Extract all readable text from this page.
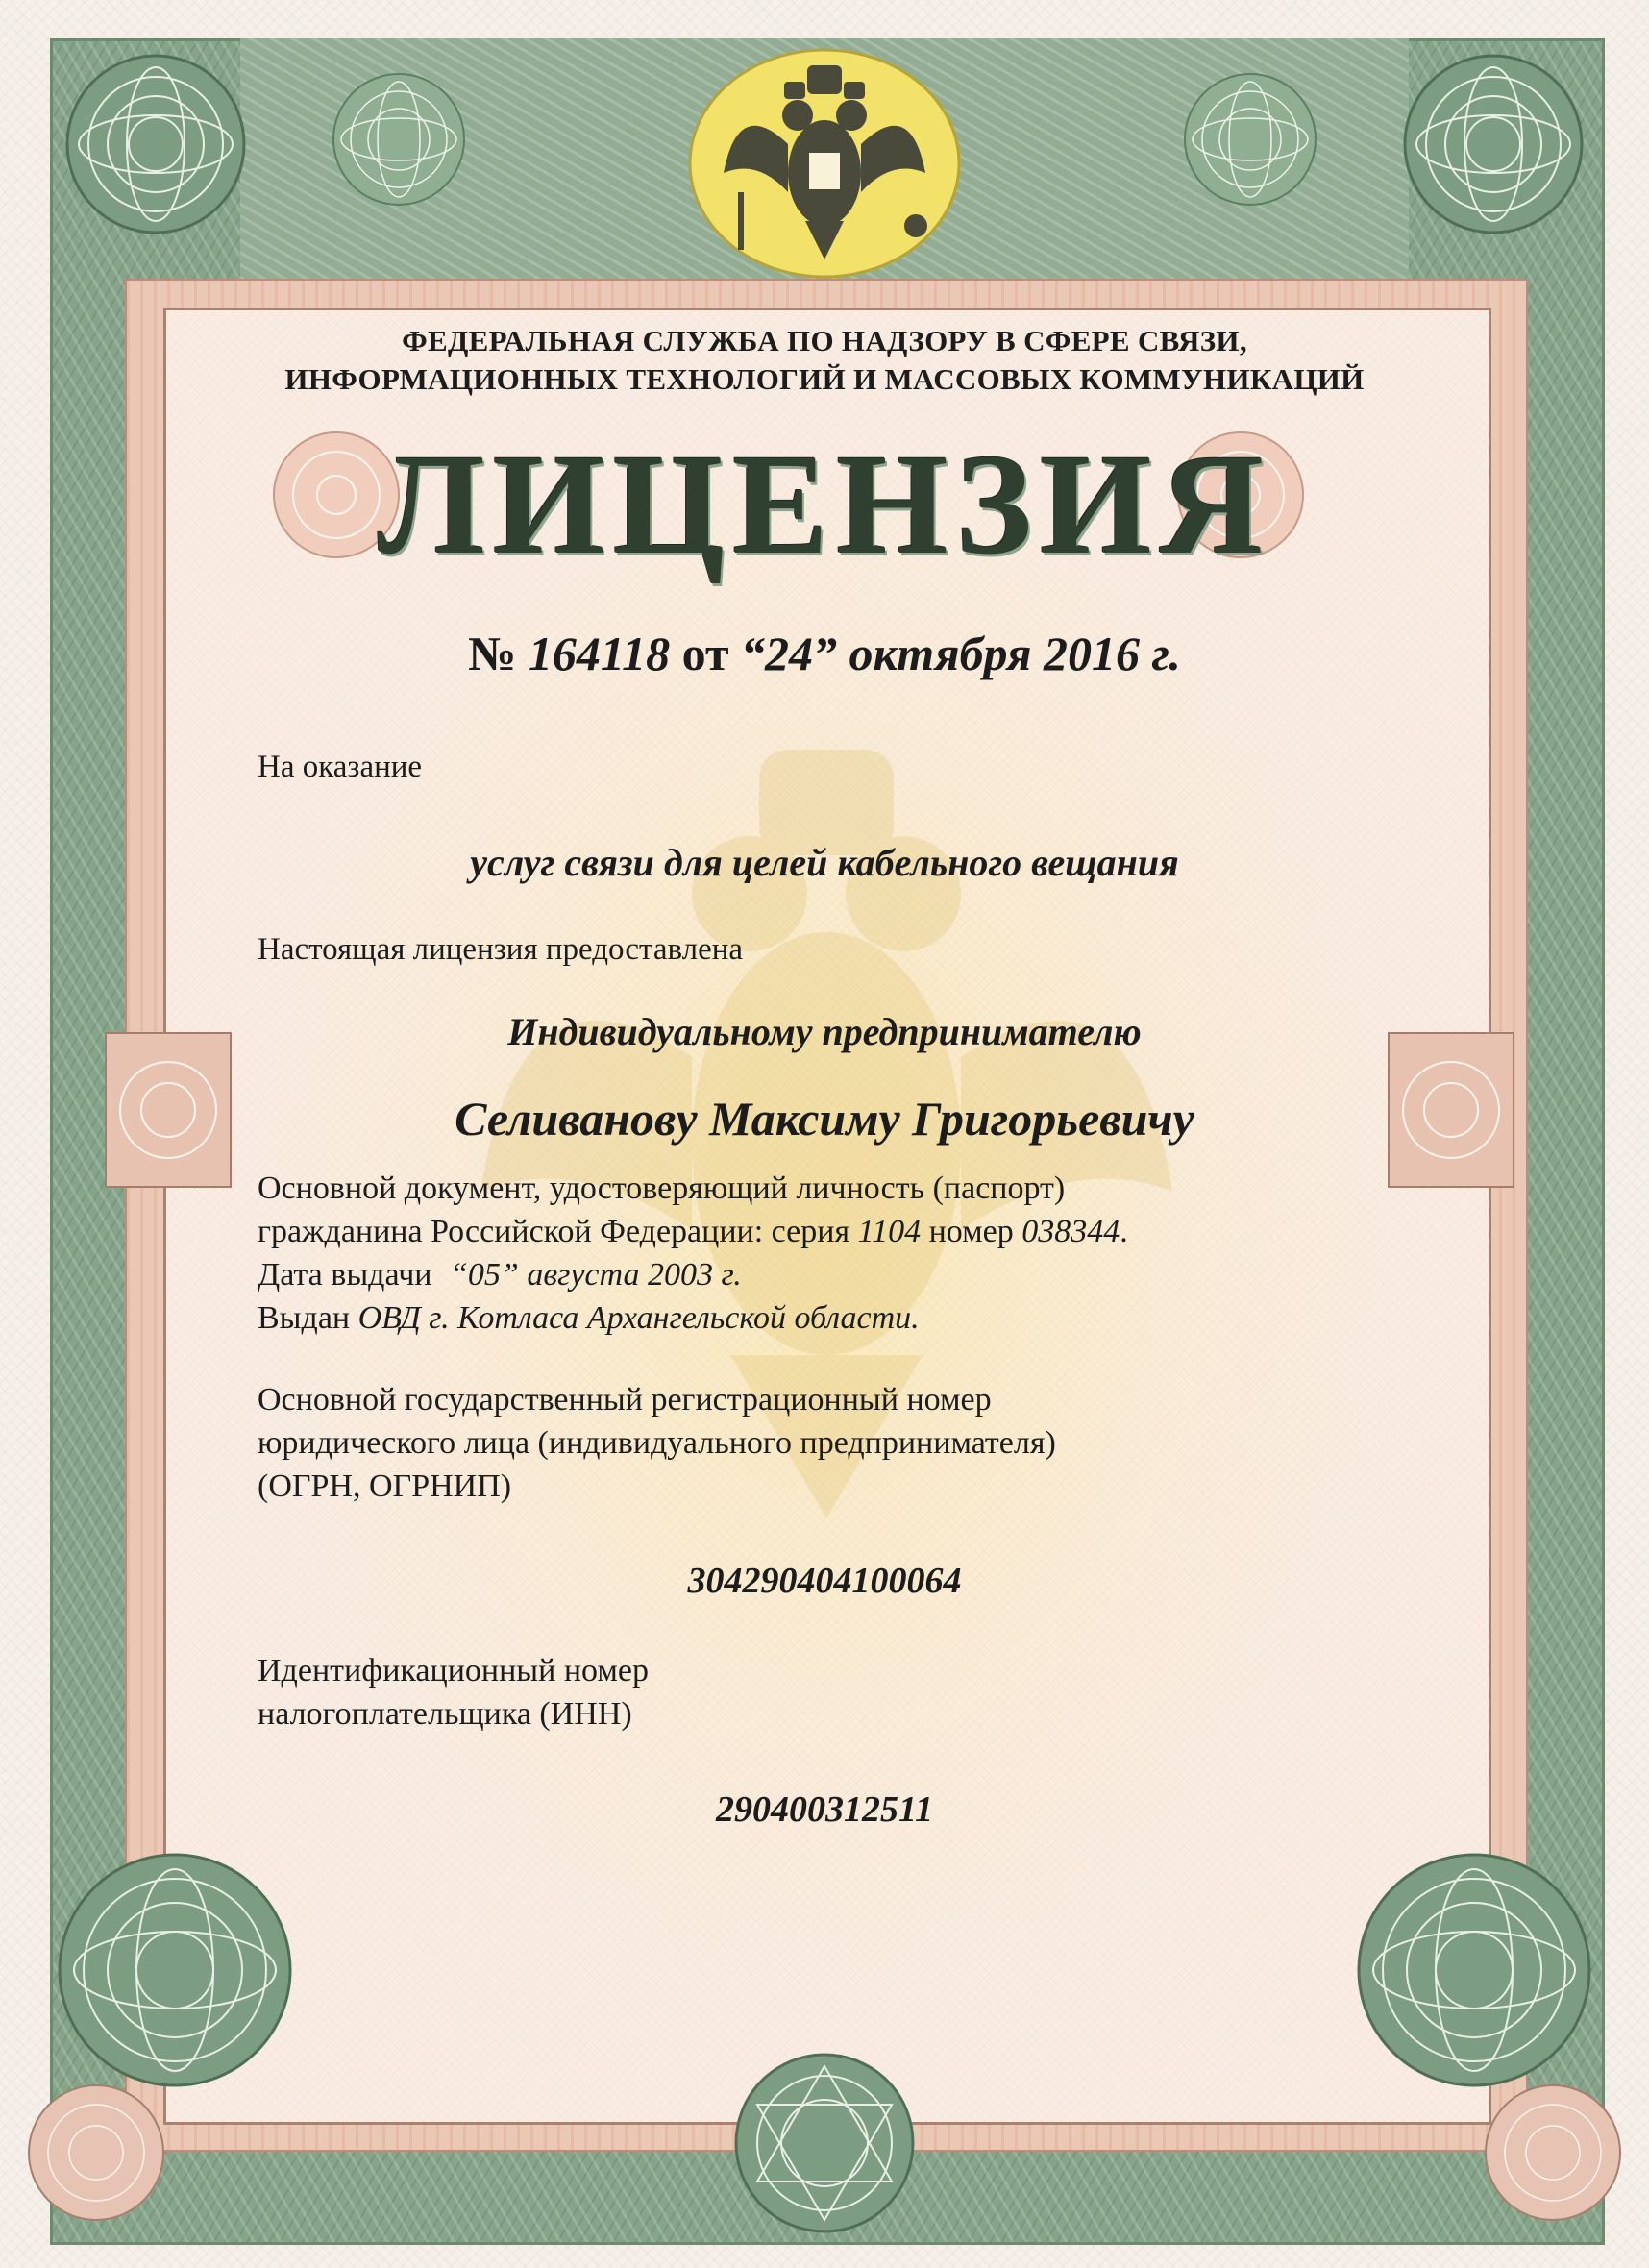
ФЕДЕРАЛЬНАЯ СЛУЖБА ПО НАДЗОРУ В СФЕРЕ СВЯЗИ,
ИНФОРМАЦИОННЫХ ТЕХНОЛОГИЙ И МАССОВЫХ КОММУНИКАЦИЙ
ЛИЦЕНЗИЯ
№ 164118 от “24” октября 2016 г.
На оказание
услуг связи для целей кабельного вещания
Настоящая лицензия предоставлена
Индивидуальному предпринимателю
Селиванову Максиму Григорьевичу
Основной документ, удостоверяющий личность (паспорт)
гражданина Российской Федерации: серия 1104 номер 038344.
Дата выдачи “05” августа 2003 г.
Выдан ОВД г. Котласа Архангельской области.
Основной государственный регистрационный номер
юридического лица (индивидуального предпринимателя)
(ОГРН, ОГРНИП)
304290404100064
Идентификационный номер
налогоплательщика (ИНН)
290400312511
